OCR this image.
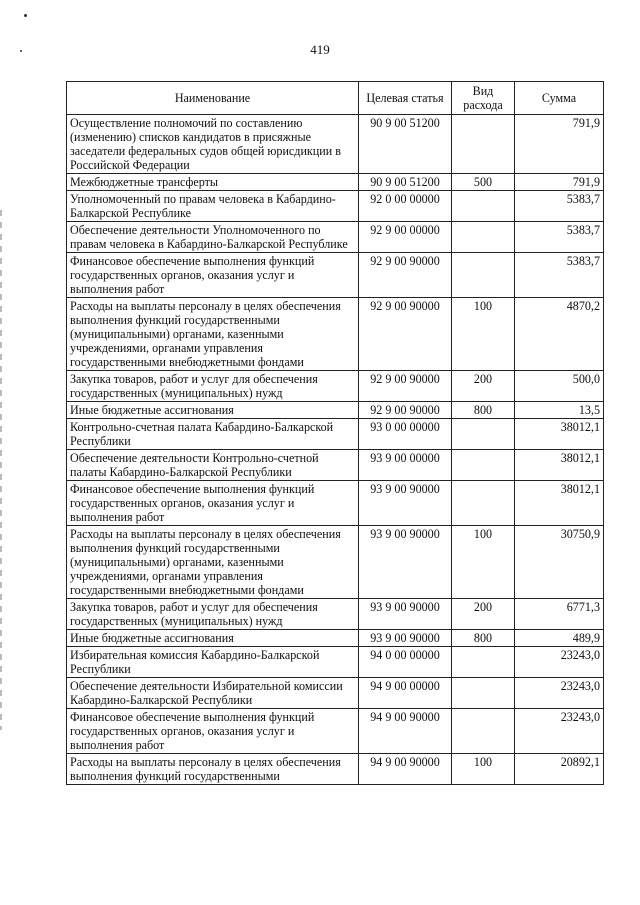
419
Наименование	Целевая статья	Вид расхода	Сумма
Осуществление полномочий по составлению (изменению) списков кандидатов в присяжные заседатели федеральных судов общей юрисдикции в Российской Федерации	90 9 00 51200		791,9
Межбюджетные трансферты	90 9 00 51200	500	791,9
Уполномоченный по правам человека в Кабардино-Балкарской Республике	92 0 00 00000		5383,7
Обеспечение деятельности Уполномоченного по правам человека в Кабардино-Балкарской Республике	92 9 00 00000		5383,7
Финансовое обеспечение выполнения функций государственных органов, оказания услуг и выполнения работ	92 9 00 90000		5383,7
Расходы на выплаты персоналу в целях обеспечения выполнения функций государственными (муниципальными) органами, казенными учреждениями, органами управления государственными внебюджетными фондами	92 9 00 90000	100	4870,2
Закупка товаров, работ и услуг для обеспечения государственных (муниципальных) нужд	92 9 00 90000	200	500,0
Иные бюджетные ассигнования	92 9 00 90000	800	13,5
Контрольно-счетная палата Кабардино-Балкарской Республики	93 0 00 00000		38012,1
Обеспечение деятельности Контрольно-счетной палаты Кабардино-Балкарской Республики	93 9 00 00000		38012,1
Финансовое обеспечение выполнения функций государственных органов, оказания услуг и выполнения работ	93 9 00 90000		38012,1
Расходы на выплаты персоналу в целях обеспечения выполнения функций государственными (муниципальными) органами, казенными учреждениями, органами управления государственными внебюджетными фондами	93 9 00 90000	100	30750,9
Закупка товаров, работ и услуг для обеспечения государственных (муниципальных) нужд	93 9 00 90000	200	6771,3
Иные бюджетные ассигнования	93 9 00 90000	800	489,9
Избирательная комиссия Кабардино-Балкарской Республики	94 0 00 00000		23243,0
Обеспечение деятельности Избирательной комиссии Кабардино-Балкарской Республики	94 9 00 00000		23243,0
Финансовое обеспечение выполнения функций государственных органов, оказания услуг и выполнения работ	94 9 00 90000		23243,0
Расходы на выплаты персоналу в целях обеспечения выполнения функций государственными	94 9 00 90000	100	20892,1
